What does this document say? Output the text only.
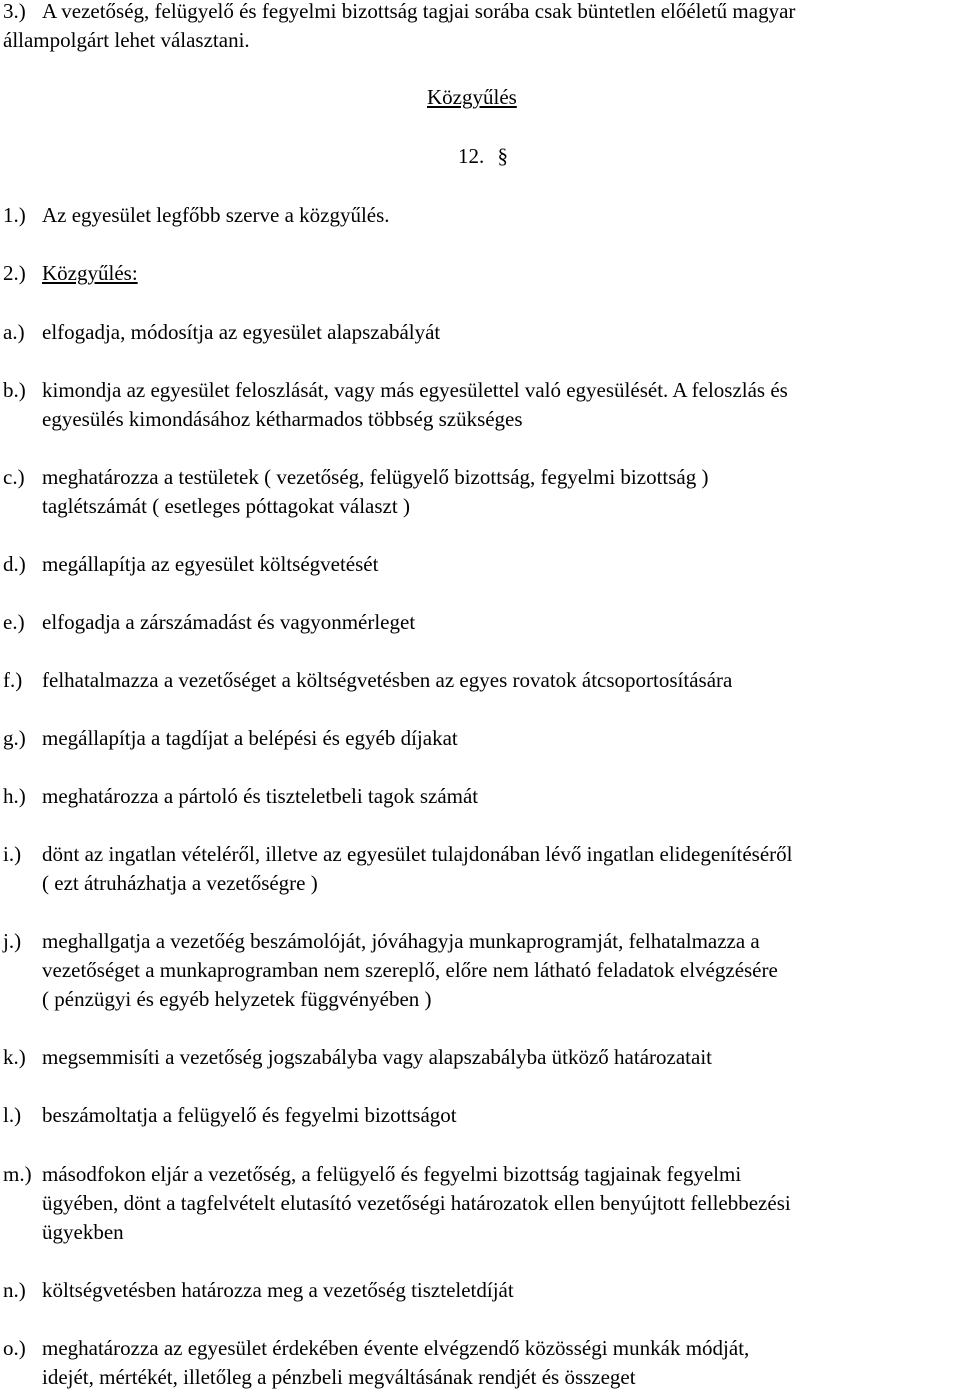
3.) A vezetőség, felügyelő és fegyelmi bizottság tagjai sorába csak büntetlen előéletű magyar
állampolgárt lehet választani.
Közgyűlés
12. §
1.) Az egyesület legfőbb szerve a közgyűlés.
2.) Közgyűlés:
a.) elfogadja, módosítja az egyesület alapszabályát
b.) kimondja az egyesület feloszlását, vagy más egyesülettel való egyesülését. A feloszlás és
egyesülés kimondásához kétharmados többség szükséges
c.) meghatározza a testületek ( vezetőség, felügyelő bizottság, fegyelmi bizottság )
taglétszámát ( esetleges póttagokat választ )
d.) megállapítja az egyesület költségvetését
e.) elfogadja a zárszámadást és vagyonmérleget
f.) felhatalmazza a vezetőséget a költségvetésben az egyes rovatok átcsoportosítására
g.) megállapítja a tagdíjat a belépési és egyéb díjakat
h.) meghatározza a pártoló és tiszteletbeli tagok számát
i.) dönt az ingatlan vételéről, illetve az egyesület tulajdonában lévő ingatlan elidegenítéséről
( ezt átruházhatja a vezetőségre )
j.) meghallgatja a vezetőég beszámolóját, jóváhagyja munkaprogramját, felhatalmazza a
vezetőséget a munkaprogramban nem szereplő, előre nem látható feladatok elvégzésére
( pénzügyi és egyéb helyzetek függvényében )
k.) megsemmisíti a vezetőség jogszabályba vagy alapszabályba ütköző határozatait
l.) beszámoltatja a felügyelő és fegyelmi bizottságot
m.) másodfokon eljár a vezetőség, a felügyelő és fegyelmi bizottság tagjainak fegyelmi
ügyében, dönt a tagfelvételt elutasító vezetőségi határozatok ellen benyújtott fellebbezési
ügyekben
n.) költségvetésben határozza meg a vezetőség tiszteletdíját
o.) meghatározza az egyesület érdekében évente elvégzendő közösségi munkák módját,
idejét, mértékét, illetőleg a pénzbeli megváltásának rendjét és összeget
